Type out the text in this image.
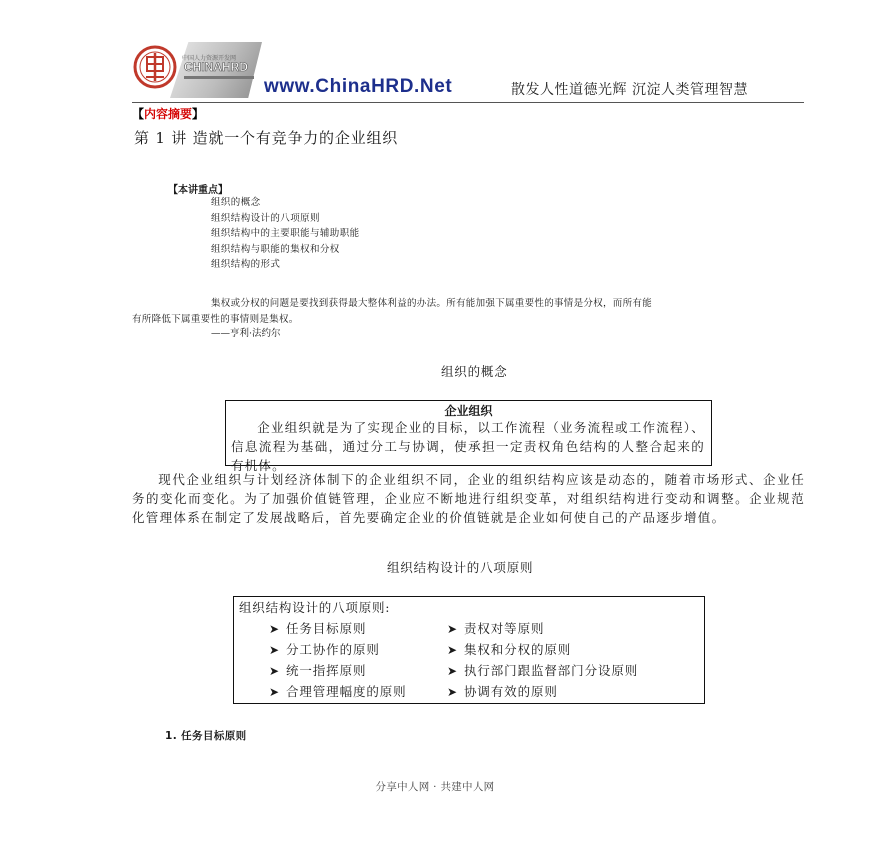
中国人力资源开发网
CHINAHRD
www.ChinaHRD.Net	散发人性道德光辉 沉淀人类管理智慧
【内容摘要】
第 1 讲 造就一个有竞争力的企业组织
【本讲重点】
组织的概念
组织结构设计的八项原则
组织结构中的主要职能与辅助职能
组织结构与职能的集权和分权
组织结构的形式
集权或分权的问题是要找到获得最大整体利益的办法。所有能加强下属重要性的事情是分权，而所有能
有所降低下属重要性的事情则是集权。
——亨利·法约尔
组织的概念
企业组织
企业组织就是为了实现企业的目标，以工作流程（业务流程或工作流程）、信息流程为基础，通过分工与协调，使承担一定责权角色结构的人整合起来的有机体。
现代企业组织与计划经济体制下的企业组织不同，企业的组织结构应该是动态的，随着市场形式、企业任务的变化而变化。为了加强价值链管理，企业应不断地进行组织变革，对组织结构进行变动和调整。企业规范化管理体系在制定了发展战略后，首先要确定企业的价值链就是企业如何使自己的产品逐步增值。
组织结构设计的八项原则
组织结构设计的八项原则:
➤ 任务目标原则	➤ 责权对等原则
➤ 分工协作的原则	➤ 集权和分权的原则
➤ 统一指挥原则	➤ 执行部门跟监督部门分设原则
➤ 合理管理幅度的原则	➤ 协调有效的原则
1. 任务目标原则
分享中人网 · 共建中人网
